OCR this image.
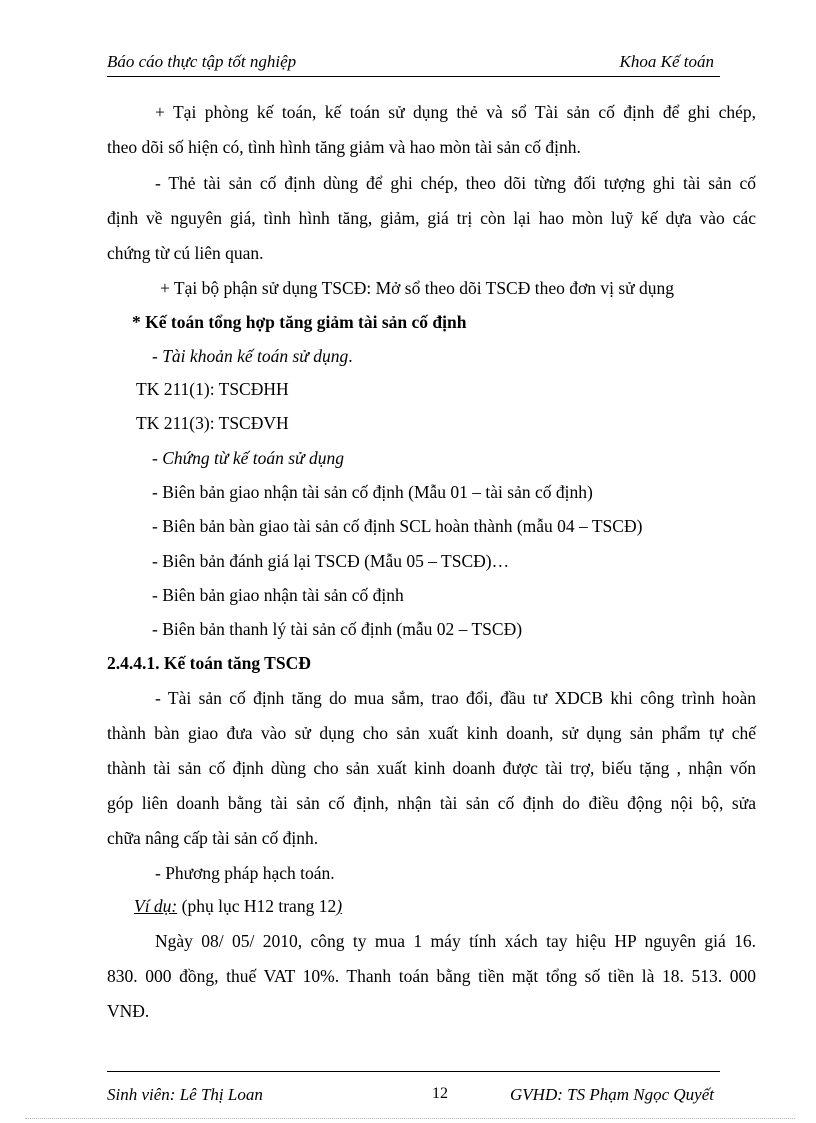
Báo cáo thực tập tốt nghiệp	Khoa Kế toán
+ Tại phòng kế toán, kế toán sử dụng thẻ và sổ Tài sản cố định để ghi chép,
theo dõi số hiện có, tình hình tăng giảm và hao mòn tài sản cố định.
- Thẻ tài sản cố định dùng để ghi chép, theo dõi từng đối tượng ghi tài sản cố
định về nguyên giá, tình hình tăng, giảm, giá trị còn lại hao mòn luỹ kế dựa vào các
chứng từ cú liên quan.
+ Tại bộ phận sử dụng TSCĐ: Mở sổ theo dõi TSCĐ theo đơn vị sử dụng
* Kế toán tổng hợp tăng giảm tài sản cố định
- Tài khoản kế toán sử dụng.
TK 211(1): TSCĐHH
TK 211(3): TSCĐVH
- Chứng từ kế toán sử dụng
- Biên bản giao nhận tài sản cố định (Mẫu 01 – tài sản cố định)
- Biên bản bàn giao tài sản cố định SCL hoàn thành (mẫu 04 – TSCĐ)
- Biên bản đánh giá lại TSCĐ (Mẫu 05 – TSCĐ)…
- Biên bản giao nhận tài sản cố định
- Biên bản thanh lý tài sản cố định (mẫu 02 – TSCĐ)
2.4.4.1. Kế toán tăng TSCĐ
- Tài sản cố định tăng do mua sắm, trao đổi, đầu tư XDCB khi công trình hoàn
thành bàn giao đưa vào sử dụng cho sản xuất kinh doanh, sử dụng sản phẩm tự chế
thành tài sản cố định dùng cho sản xuất kinh doanh được tài trợ, biếu tặng , nhận vốn
góp liên doanh bằng tài sản cố định, nhận tài sản cố định do điều động nội bộ, sửa
chữa nâng cấp tài sản cố định.
- Phương pháp hạch toán.
Ví dụ: (phụ lục H12 trang 12)
Ngày 08/ 05/ 2010, công ty mua 1 máy tính xách tay hiệu HP nguyên giá 16.
830. 000 đồng, thuế VAT 10%. Thanh toán bằng tiền mặt tổng số tiền là 18. 513. 000
VNĐ.
Sinh viên: Lê Thị Loan	12	GVHD: TS Phạm Ngọc Quyết
